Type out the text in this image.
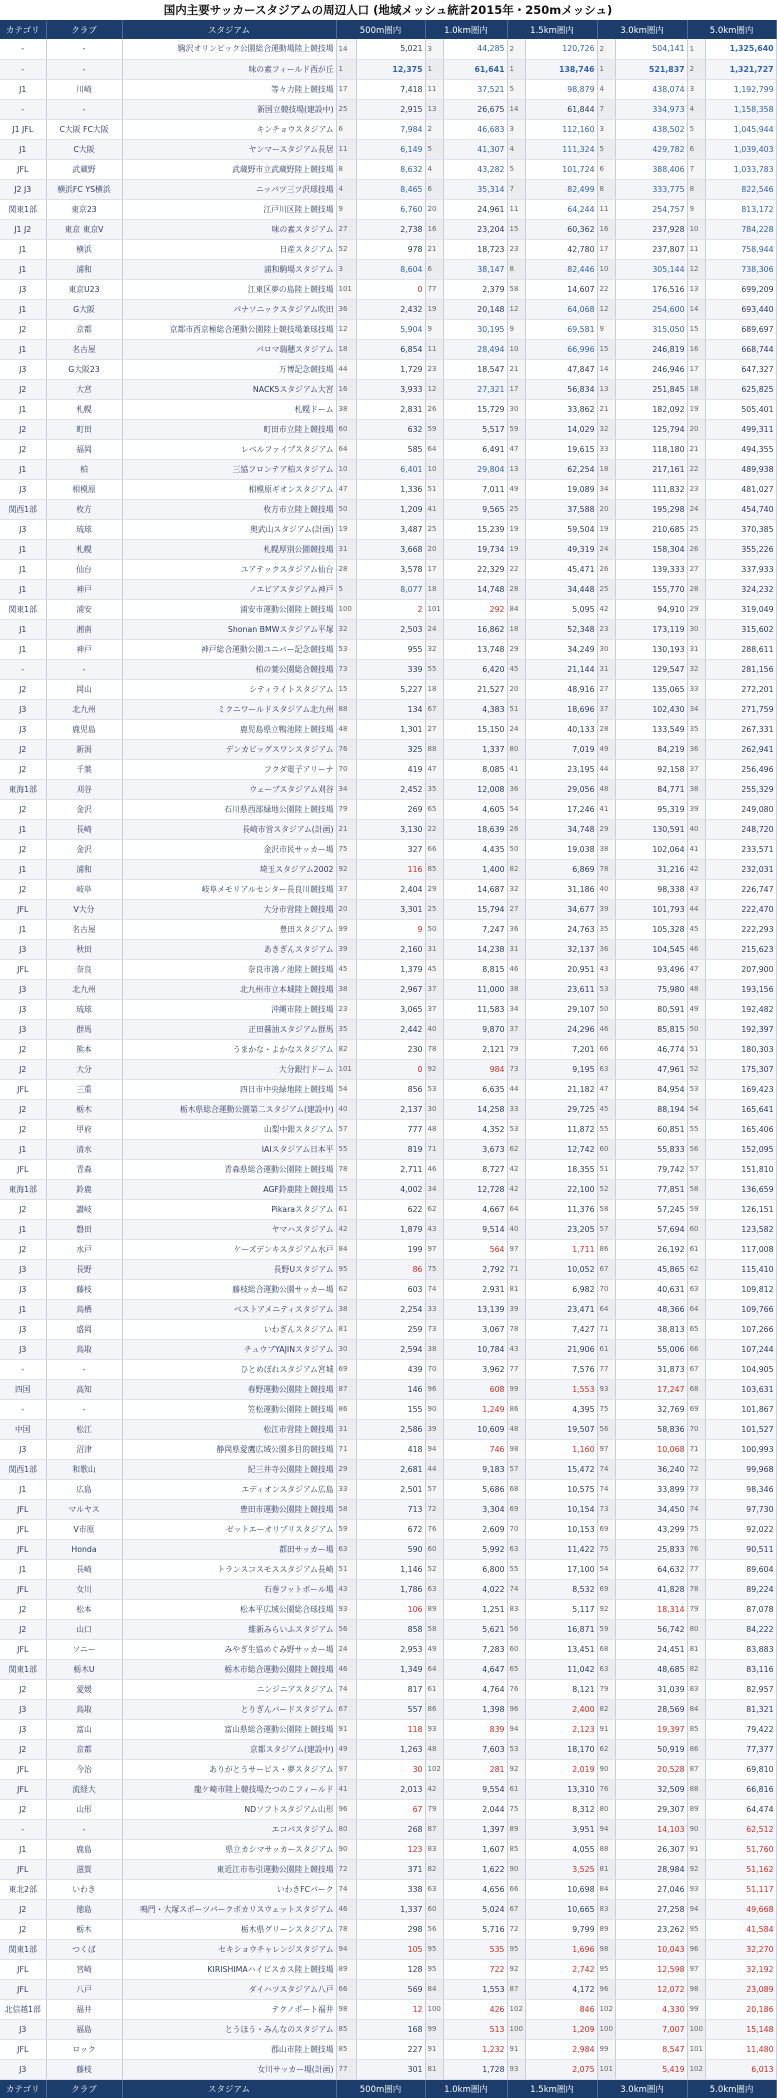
国内主要サッカースタジアムの周辺人口 (地域メッシュ統計2015年・250mメッシュ)
カテゴリ	クラブ	スタジアム	500m圏内		1.0km圏内		1.5km圏内		3.0km圏内		5.0km圏内	
-	-	駒沢オリンピック公園総合運動場陸上競技場	14	5,021	3	44,285	2	120,726	2	504,141	1	1,325,640
-	-	味の素フィールド西が丘	1	12,375	1	61,641	1	138,746	1	521,837	2	1,321,727
J1	川崎	等々力陸上競技場	17	7,418	11	37,521	5	98,879	4	438,074	3	1,192,799
-	-	新国立競技場(建設中)	25	2,915	13	26,675	14	61,844	7	334,973	4	1,158,358
J1 JFL	C大阪 FC大阪	キンチョウスタジアム	6	7,984	2	46,683	3	112,160	3	438,502	5	1,045,944
J1	C大阪	ヤンマースタジアム長居	11	6,149	5	41,307	4	111,324	5	429,782	6	1,039,403
JFL	武蔵野	武蔵野市立武蔵野陸上競技場	8	8,632	4	43,282	5	101,724	6	388,406	7	1,033,783
J2 J3	横浜FC YS横浜	ニッパツ三ツ沢球技場	4	8,465	6	35,314	7	82,499	8	333,775	8	822,546
関東1部	東京23	江戸川区陸上競技場	9	6,760	20	24,961	11	64,244	11	254,757	9	813,172
J1 J2	東京 東京V	味の素スタジアム	27	2,738	16	23,204	15	60,362	16	237,928	10	784,228
J1	横浜	日産スタジアム	52	978	21	18,723	23	42,780	17	237,807	11	758,944
J1	浦和	浦和駒場スタジアム	3	8,604	6	38,147	8	82,446	10	305,144	12	738,306
J3	東京U23	江東区夢の島陸上競技場	101	0	77	2,379	58	14,607	22	176,516	13	699,209
J1	G大阪	パナソニックスタジアム吹田	36	2,432	19	20,148	12	64,068	12	254,600	14	693,440
J2	京都	京都市西京極総合運動公園陸上競技場兼球技場	12	5,904	9	30,195	9	69,581	9	315,050	15	689,697
J1	名古屋	パロマ瑞穂スタジアム	18	6,854	11	28,494	10	66,996	15	246,819	16	668,744
J3	G大阪23	万博記念競技場	44	1,729	23	18,547	21	47,847	14	246,946	17	647,327
J2	大宮	NACK5スタジアム大宮	16	3,933	12	27,321	17	56,834	13	251,845	18	625,825
J1	札幌	札幌ドーム	38	2,831	26	15,729	30	33,862	21	182,092	19	505,401
J2	町田	町田市立陸上競技場	60	632	59	5,517	59	14,029	32	125,794	20	499,311
J2	福岡	レベルファイブスタジアム	64	585	64	6,491	47	19,615	33	118,180	21	494,355
J1	柏	三協フロンテア柏スタジアム	10	6,401	10	29,804	13	62,254	18	217,161	22	489,938
J3	相模原	相模原ギオンスタジアム	47	1,336	51	7,011	49	19,089	34	111,832	23	481,027
関西1部	枚方	枚方市立陸上競技場	50	1,209	41	9,565	25	37,588	20	195,298	24	454,740
J3	琉球	奥武山スタジアム(計画)	19	3,487	25	15,239	19	59,504	19	210,685	25	370,385
J1	札幌	札幌厚別公園競技場	31	3,668	20	19,734	19	49,319	24	158,304	26	355,226
J1	仙台	ユアテックスタジアム仙台	28	3,578	17	22,329	22	45,471	26	139,333	27	337,933
J1	神戸	ノエビアスタジアム神戸	5	8,077	18	14,748	28	34,448	25	155,770	28	324,232
関東1部	浦安	浦安市運動公園陸上競技場	100	2	101	292	84	5,095	42	94,910	29	319,049
J1	湘南	Shonan BMWスタジアム平塚	32	2,503	24	16,862	18	52,348	23	173,119	30	315,602
J1	神戸	神戸総合運動公園ユニバー記念競技場	53	955	32	13,748	29	34,249	30	130,193	31	288,611
-	-	柏の葉公園総合競技場	73	339	55	6,420	45	21,144	31	129,547	32	281,156
J2	岡山	シティライトスタジアム	15	5,227	18	21,527	20	48,916	27	135,065	33	272,201
J3	北九州	ミクニワールドスタジアム北九州	88	134	67	4,383	51	18,696	37	102,430	34	271,759
J3	鹿児島	鹿児島県立鴨池陸上競技場	48	1,301	27	15,150	24	40,133	28	133,549	35	267,331
J2	新潟	デンカビッグスワンスタジアム	76	325	88	1,337	80	7,019	49	84,219	36	262,941
J2	千葉	フクダ電子アリーナ	70	419	47	8,085	41	23,195	44	92,158	37	256,496
東海1部	刈谷	ウェーブスタジアム刈谷	34	2,452	35	12,008	36	29,056	48	84,771	38	255,329
J2	金沢	石川県西部緑地公園陸上競技場	79	269	65	4,605	54	17,246	41	95,319	39	249,080
J1	長崎	長崎市営スタジアム(計画)	21	3,130	22	18,639	26	34,748	29	130,591	40	248,720
J2	金沢	金沢市民サッカー場	75	327	66	4,435	50	19,038	38	102,064	41	233,571
J1	浦和	埼玉スタジアム2002	92	116	85	1,400	82	6,869	78	31,216	42	232,031
J2	岐阜	岐阜メモリアルセンター長良川競技場	37	2,404	29	14,687	32	31,186	40	98,338	43	226,747
JFL	V大分	大分市営陸上競技場	20	3,301	25	15,794	27	34,677	39	101,793	44	222,470
J1	名古屋	豊田スタジアム	99	9	50	7,247	36	24,763	35	105,328	45	222,293
J3	秋田	あきぎんスタジアム	39	2,160	31	14,238	31	32,137	36	104,545	46	215,623
JFL	奈良	奈良市鴻ノ池陸上競技場	45	1,379	45	8,815	46	20,951	43	93,496	47	207,900
J3	北九州	北九州市立本城陸上競技場	38	2,967	37	11,000	38	23,611	53	75,980	48	193,156
J3	琉球	沖縄市陸上競技場	23	3,065	37	11,583	34	29,107	50	80,591	49	192,482
J3	群馬	正田醤油スタジアム群馬	35	2,442	40	9,870	37	24,296	46	85,815	50	192,397
J2	熊本	うまかな・よかなスタジアム	82	230	78	2,121	79	7,201	66	46,774	51	180,303
J2	大分	大分銀行ドーム	101	0	92	984	73	9,195	63	47,961	52	175,307
JFL	三重	四日市中央緑地陸上競技場	54	856	53	6,635	44	21,182	47	84,954	53	169,423
J2	栃木	栃木県総合運動公園第二スタジアム(建設中)	40	2,137	30	14,258	33	29,725	45	88,194	54	165,641
J2	甲府	山梨中銀スタジアム	57	777	48	4,352	53	11,872	55	60,851	55	165,406
J1	清水	IAIスタジアム日本平	55	819	71	3,673	62	12,742	60	55,833	56	152,095
JFL	青森	青森県総合運動公園陸上競技場	78	2,711	46	8,727	42	18,355	51	79,742	57	151,810
東海1部	鈴鹿	AGF鈴鹿陸上競技場	15	4,002	34	12,728	42	22,100	52	77,851	58	136,659
J2	讃岐	Pikaraスタジアム	61	622	62	4,667	64	11,376	58	57,245	59	126,151
J1	磐田	ヤマハスタジアム	42	1,879	43	9,514	40	23,205	57	57,694	60	123,582
J2	水戸	ケーズデンキスタジアム水戸	84	199	97	564	97	1,711	86	26,192	61	117,008
J3	長野	長野Uスタジアム	95	86	75	2,792	71	10,052	67	45,865	62	115,410
J3	藤枝	藤枝総合運動公園サッカー場	62	603	74	2,931	81	6,982	70	40,631	63	109,812
J1	鳥栖	ベストアメニティスタジアム	38	2,254	33	13,139	39	23,471	64	48,366	64	109,766
J3	盛岡	いわぎんスタジアム	81	259	73	3,067	78	7,427	71	38,813	65	107,266
J3	鳥取	チュウブYAJINスタジアム	30	2,594	38	10,784	43	21,906	61	55,006	66	107,244
-	-	ひとめぼれスタジアム宮城	69	439	70	3,962	77	7,576	77	31,873	67	104,905
四国	高知	春野運動公園陸上競技場	87	146	96	608	99	1,553	93	17,247	68	103,631
-	-	笠松運動公園陸上競技場	86	155	90	1,249	86	4,395	75	32,769	69	101,867
中国	松江	松江市営陸上競技場	31	2,586	39	10,609	48	19,507	56	58,836	70	101,527
J3	沼津	静岡県愛鷹広域公園多目的競技場	71	418	94	746	98	1,160	97	10,068	71	100,993
関西1部	和歌山	紀三井寺公園陸上競技場	29	2,681	44	9,183	57	15,472	74	36,240	72	99,968
J1	広島	エディオンスタジアム広島	33	2,501	57	5,686	68	10,575	74	33,899	73	98,346
JFL	マルヤス	豊田市運動公園陸上競技場	58	713	72	3,304	69	10,154	73	34,450	74	97,730
JFL	V市原	ゼットエーオリプリスタジアム	59	672	76	2,609	70	10,153	69	43,299	75	92,022
JFL	Honda	都田サッカー場	63	590	60	5,992	63	11,422	75	25,833	76	90,511
J1	長崎	トランスコスモススタジアム長崎	51	1,146	52	6,800	55	17,100	54	64,632	77	89,604
JFL	女川	石巻フットボール場	43	1,786	63	4,022	74	8,532	69	41,828	78	89,224
J2	松本	松本平広域公園総合球技場	93	106	89	1,251	83	5,117	92	18,314	79	87,078
J2	山口	維新みらいふスタジアム	56	858	58	5,621	56	16,871	59	56,742	80	84,222
JFL	ソニー	みやぎ生協めぐみ野サッカー場	24	2,953	49	7,283	60	13,451	68	24,451	81	83,883
関東1部	栃木U	栃木市総合運動公園陸上競技場	46	1,349	64	4,647	65	11,042	63	48,685	82	83,116
J2	愛媛	ニンジニアスタジアム	74	817	61	4,764	76	8,121	79	31,039	83	82,957
J3	鳥取	とりぎんバードスタジアム	67	557	86	1,398	96	2,400	82	28,569	84	81,321
J3	富山	富山県総合運動公園陸上競技場	91	118	93	839	94	2,123	91	19,397	85	79,422
J2	京都	京都スタジアム(建設中)	49	1,263	48	7,603	53	18,170	62	50,919	86	77,377
JFL	今治	ありがとうサービス・夢スタジアム	97	30	102	281	92	2,019	90	20,528	87	69,810
JFL	流経大	龍ケ崎市陸上競技場たつのこフィールド	41	2,013	42	9,554	61	13,310	76	32,509	88	66,816
J2	山形	NDソフトスタジアム山形	96	67	79	2,044	75	8,312	80	29,307	89	64,474
-	-	エコパスタジアム	80	268	87	1,397	89	3,951	94	14,103	90	62,512
J1	鹿島	県立カシマサッカースタジアム	90	123	83	1,607	85	4,055	88	26,307	91	51,760
JFL	滋賀	東近江市布引運動公園陸上競技場	72	371	82	1,622	90	3,525	81	28,984	92	51,162
東北2部	いわき	いわきFCパーク	74	338	63	4,656	66	10,698	84	27,046	93	51,117
J2	徳島	鳴門・大塚スポーツパークポカリスウェットスタジアム	46	1,337	60	5,024	67	10,665	83	27,258	94	49,668
J2	栃木	栃木県グリーンスタジアム	78	298	56	5,716	72	9,799	89	23,262	95	41,584
関東1部	つくば	セキショウチャレンジスタジアム	94	105	95	535	95	1,696	98	10,043	96	32,270
JFL	宮崎	KIRISHIMAハイビスカス陸上競技場	89	128	95	722	92	2,742	95	12,598	97	32,192
JFL	八戸	ダイハツスタジアム八戸	66	569	84	1,553	87	4,172	96	12,072	98	23,089
北信越1部	福井	テクノポート福井	98	12	100	426	102	846	102	4,330	99	20,186
J3	福島	とうほう・みんなのスタジアム	85	168	99	513	100	1,209	100	7,007	100	15,148
JFL	ロック	郡山市陸上競技場	85	227	91	1,232	91	2,984	99	8,547	101	11,480
J3	藤枝	女川サッカー場(計画)	77	301	81	1,728	93	2,075	101	5,419	102	6,013
カテゴリ	クラブ	スタジアム	500m圏内		1.0km圏内		1.5km圏内		3.0km圏内		5.0km圏内	
